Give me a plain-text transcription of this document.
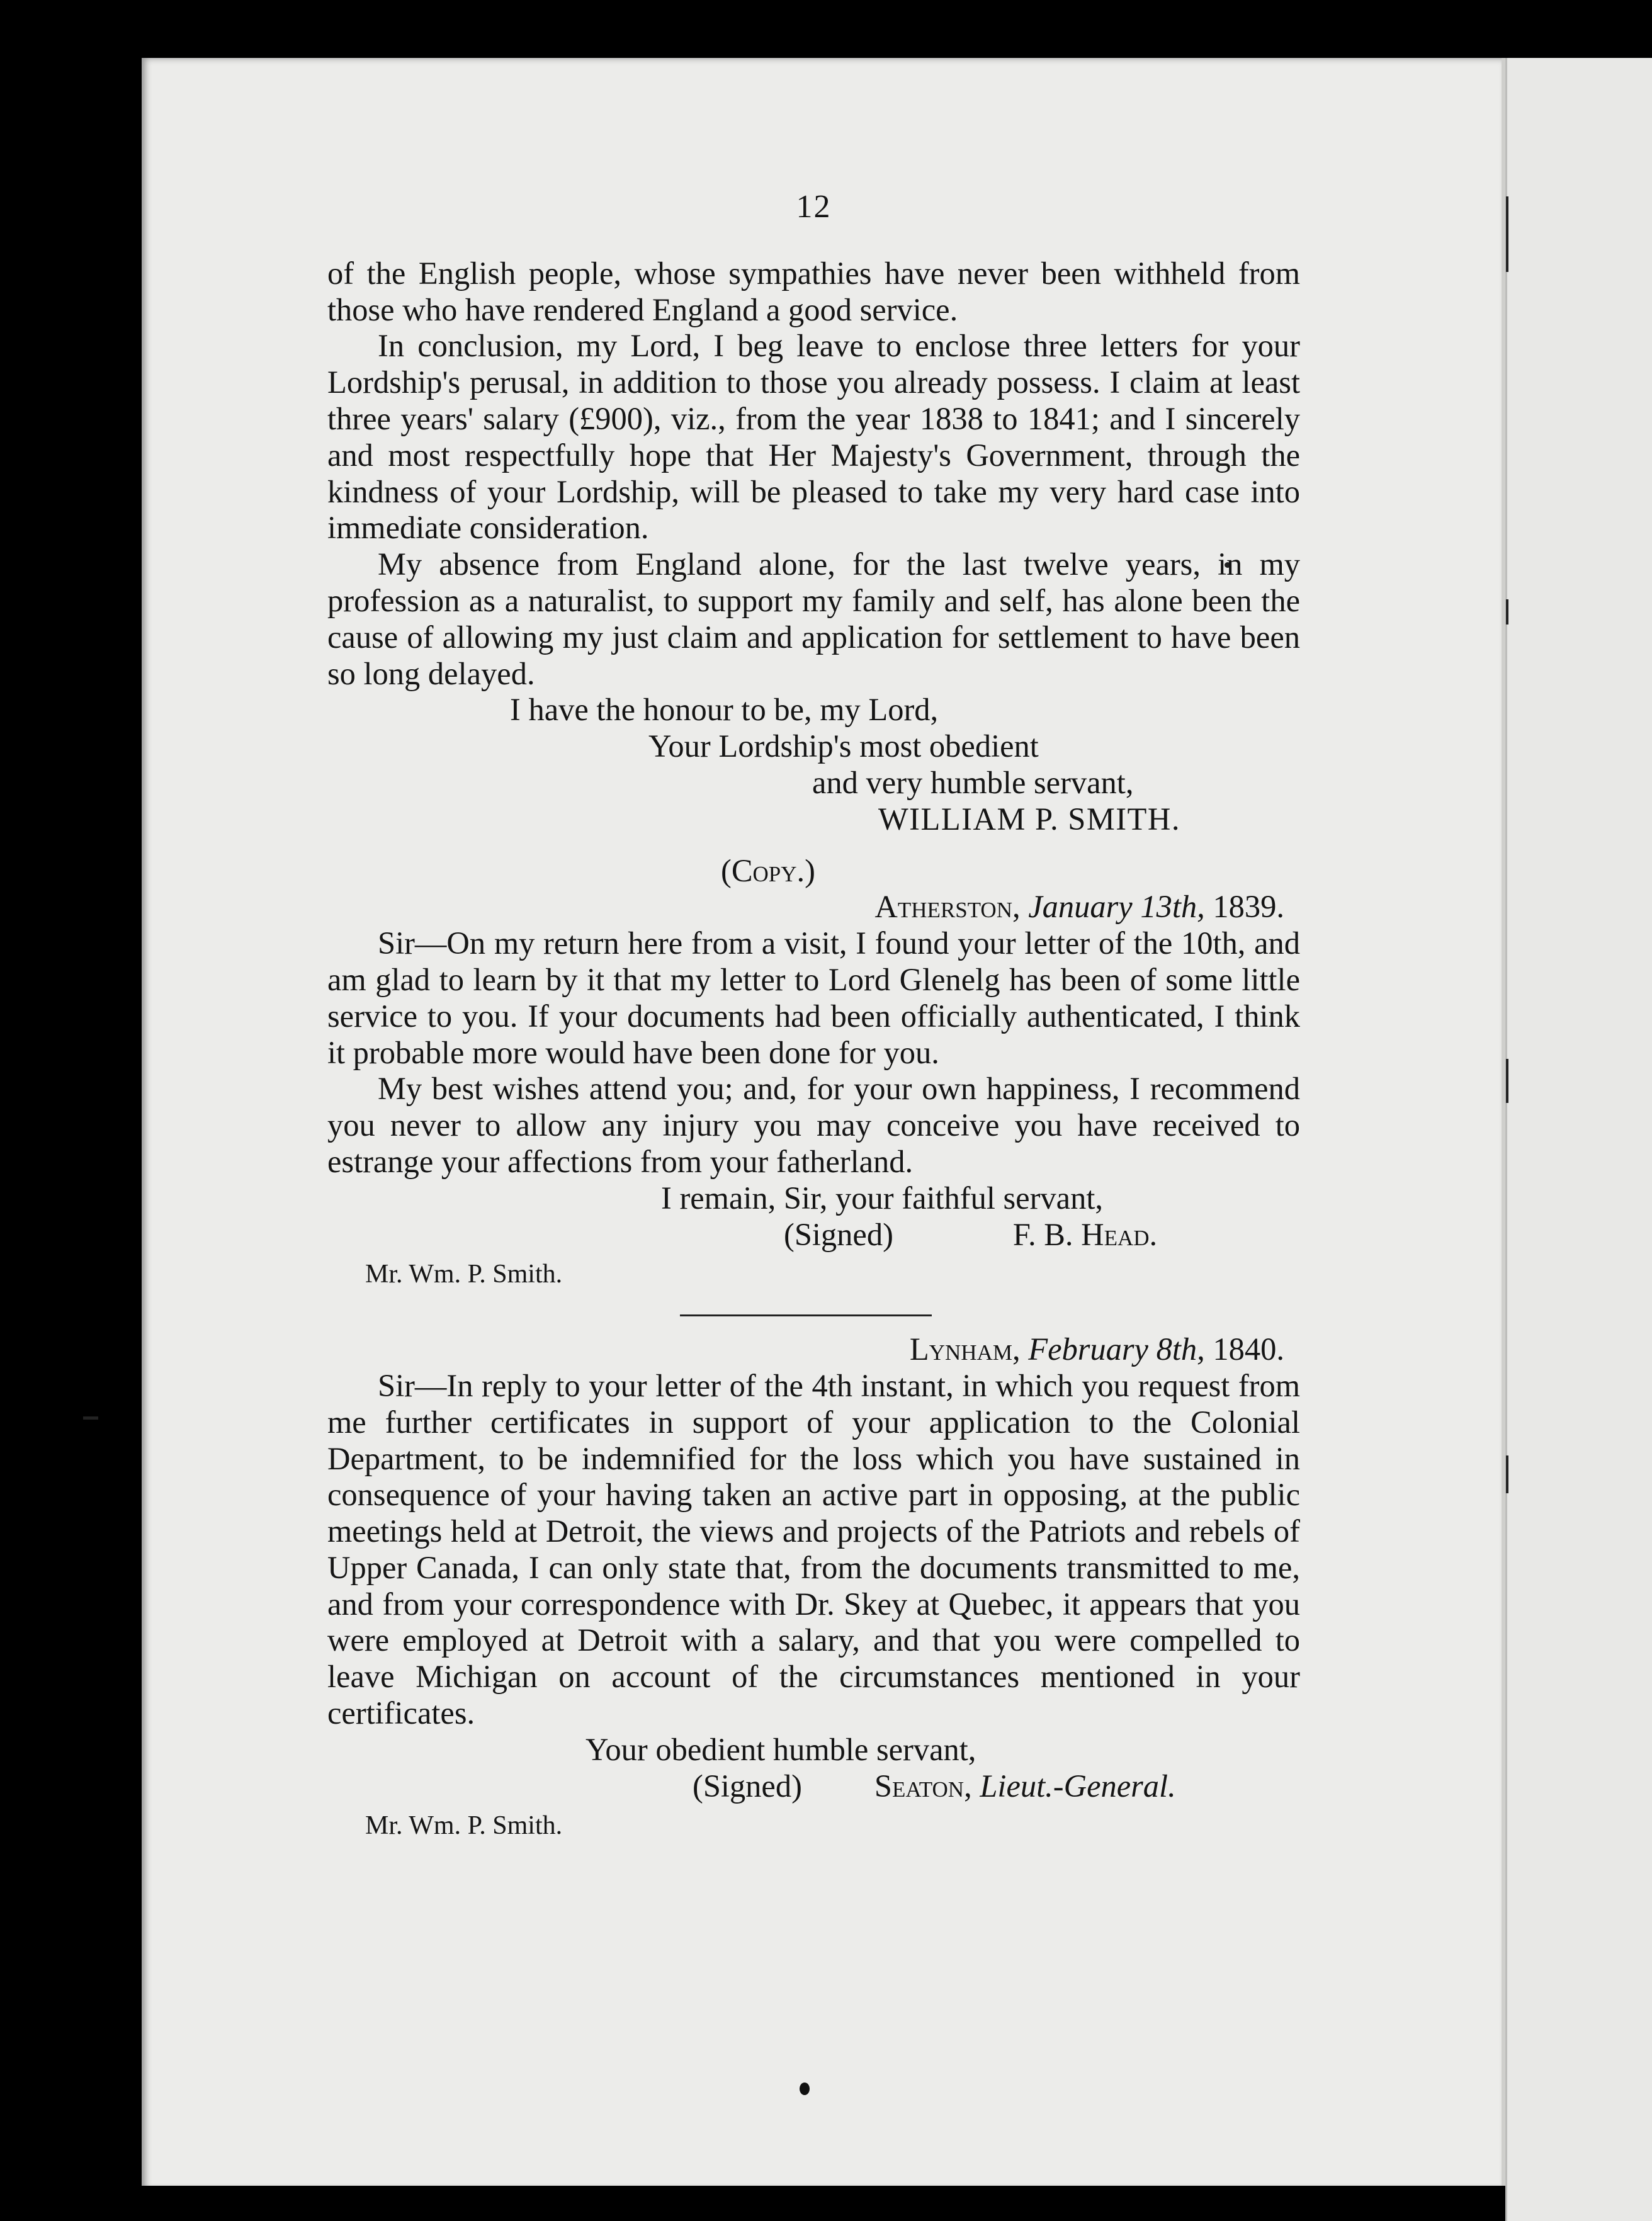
12

of the English people, whose sympathies have never been withheld from those who have rendered England a good service.

In conclusion, my Lord, I beg leave to enclose three letters for your Lordship's perusal, in addition to those you already possess. I claim at least three years' salary (£900), viz., from the year 1838 to 1841; and I sincerely and most respectfully hope that Her Majesty's Government, through the kindness of your Lordship, will be pleased to take my very hard case into immediate consideration.

My absence from England alone, for the last twelve years, in my profession as a naturalist, to support my family and self, has alone been the cause of allowing my just claim and application for settlement to have been so long delayed.

I have the honour to be, my Lord,
Your Lordship's most obedient
and very humble servant,
WILLIAM P. SMITH.
(Copy.)
Atherston, January 13th, 1839.

Sir—On my return here from a visit, I found your letter of the 10th, and am glad to learn by it that my letter to Lord Glenelg has been of some little service to you. If your documents had been officially authenticated, I think it probable more would have been done for you.

My best wishes attend you; and, for your own happiness, I recommend you never to allow any injury you may conceive you have received to estrange your affections from your fatherland.

I remain, Sir, your faithful servant,
(Signed)	F. B. Head.
Mr. Wm. P. Smith.
Lynham, February 8th, 1840.

Sir—In reply to your letter of the 4th instant, in which you request from me further certificates in support of your application to the Colonial Department, to be indemnified for the loss which you have sustained in consequence of your having taken an active part in opposing, at the public meetings held at Detroit, the views and projects of the Patriots and rebels of Upper Canada, I can only state that, from the documents transmitted to me, and from your correspondence with Dr. Skey at Quebec, it appears that you were employed at Detroit with a salary, and that you were compelled to leave Michigan on account of the circumstances mentioned in your certificates.

Your obedient humble servant,
(Signed) Seaton, Lieut.-General.
Mr. Wm. P. Smith.
